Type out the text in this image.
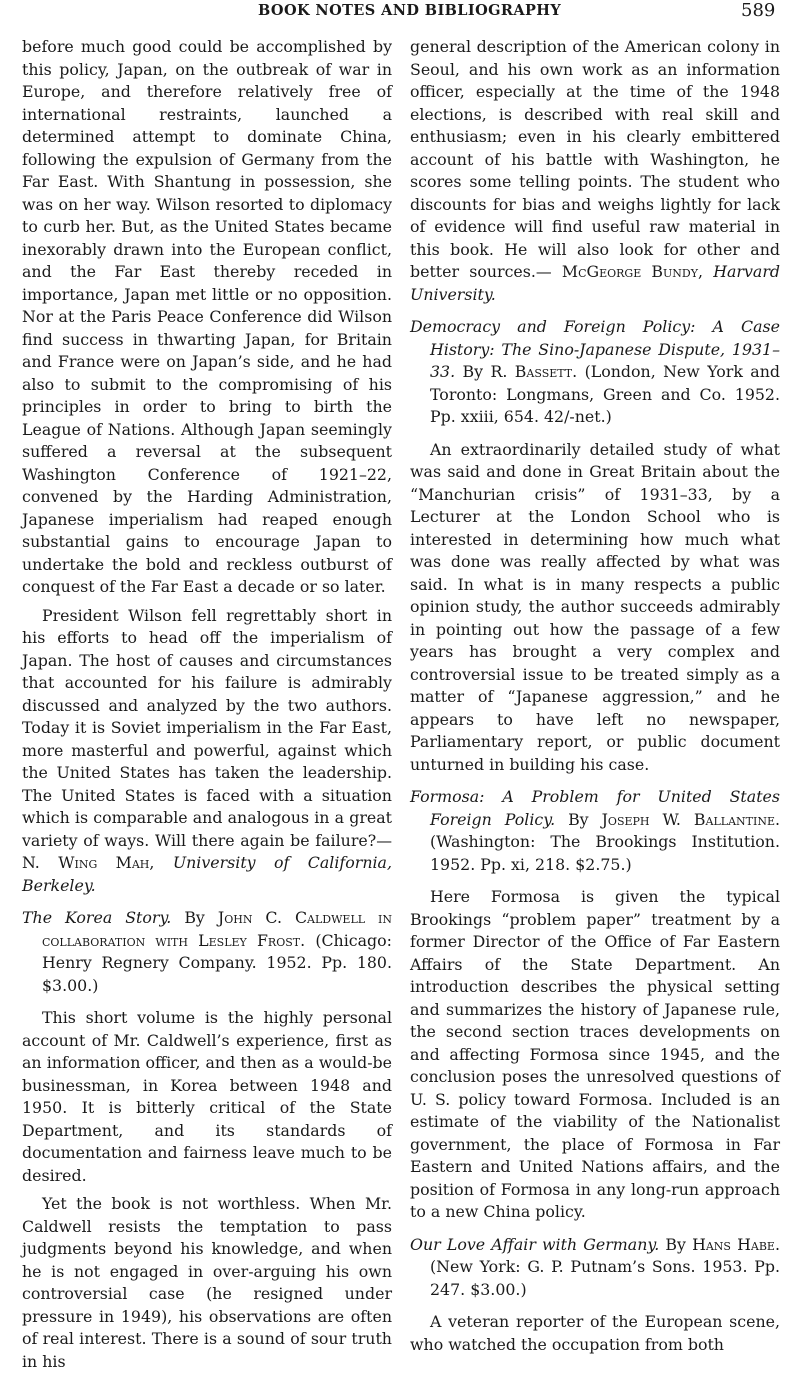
BOOK NOTES AND BIBLIOGRAPHY	589

before much good could be accomplished by this policy, Japan, on the outbreak of war in Europe, and therefore relatively free of international restraints, launched a determined attempt to dominate China, following the expulsion of Germany from the Far East. With Shantung in possession, she was on her way. Wilson resorted to diplomacy to curb her. But, as the United States became inexorably drawn into the European conflict, and the Far East thereby receded in importance, Japan met little or no opposition. Nor at the Paris Peace Conference did Wilson find success in thwarting Japan, for Britain and France were on Japan’s side, and he had also to submit to the compromising of his principles in order to bring to birth the League of Nations. Although Japan seemingly suffered a reversal at the subsequent Washington Conference of 1921–22, convened by the Harding Administration, Japanese imperialism had reaped enough substantial gains to encourage Japan to undertake the bold and reckless outburst of conquest of the Far East a decade or so later.

President Wilson fell regrettably short in his efforts to head off the imperialism of Japan. The host of causes and circumstances that accounted for his failure is admirably discussed and analyzed by the two authors. Today it is Soviet imperialism in the Far East, more masterful and powerful, against which the United States has taken the leadership. The United States is faced with a situation which is comparable and analogous in a great variety of ways. Will there again be failure?— N. Wing Mah, University of California, Berkeley.

The Korea Story. By John C. Caldwell in collaboration with Lesley Frost. (Chicago: Henry Regnery Company. 1952. Pp. 180. $3.00.)

This short volume is the highly personal account of Mr. Caldwell’s experience, first as an information officer, and then as a would-be businessman, in Korea between 1948 and 1950. It is bitterly critical of the State Department, and its standards of documentation and fairness leave much to be desired.

Yet the book is not worthless. When Mr. Caldwell resists the temptation to pass judgments beyond his knowledge, and when he is not engaged in over-arguing his own controversial case (he resigned under pressure in 1949), his observations are often of real interest. There is a sound of sour truth in his

general description of the American colony in Seoul, and his own work as an information officer, especially at the time of the 1948 elections, is described with real skill and enthusiasm; even in his clearly embittered account of his battle with Washington, he scores some telling points. The student who discounts for bias and weighs lightly for lack of evidence will find useful raw material in this book. He will also look for other and better sources.— McGeorge Bundy, Harvard University.

Democracy and Foreign Policy: A Case History: The Sino-Japanese Dispute, 1931–33. By R. Bassett. (London, New York and Toronto: Longmans, Green and Co. 1952. Pp. xxiii, 654. 42/-net.)

An extraordinarily detailed study of what was said and done in Great Britain about the “Manchurian crisis” of 1931–33, by a Lecturer at the London School who is interested in determining how much what was done was really affected by what was said. In what is in many respects a public opinion study, the author succeeds admirably in pointing out how the passage of a few years has brought a very complex and controversial issue to be treated simply as a matter of “Japanese aggression,” and he appears to have left no newspaper, Parliamentary report, or public document unturned in building his case.

Formosa: A Problem for United States Foreign Policy. By Joseph W. Ballantine. (Washington: The Brookings Institution. 1952. Pp. xi, 218. $2.75.)

Here Formosa is given the typical Brookings “problem paper” treatment by a former Director of the Office of Far Eastern Affairs of the State Department. An introduction describes the physical setting and summarizes the history of Japanese rule, the second section traces developments on and affecting Formosa since 1945, and the conclusion poses the unresolved questions of U. S. policy toward Formosa. Included is an estimate of the viability of the Nationalist government, the place of Formosa in Far Eastern and United Nations affairs, and the position of Formosa in any long-run approach to a new China policy.

Our Love Affair with Germany. By Hans Habe. (New York: G. P. Putnam’s Sons. 1953. Pp. 247. $3.00.)

A veteran reporter of the European scene, who watched the occupation from both
